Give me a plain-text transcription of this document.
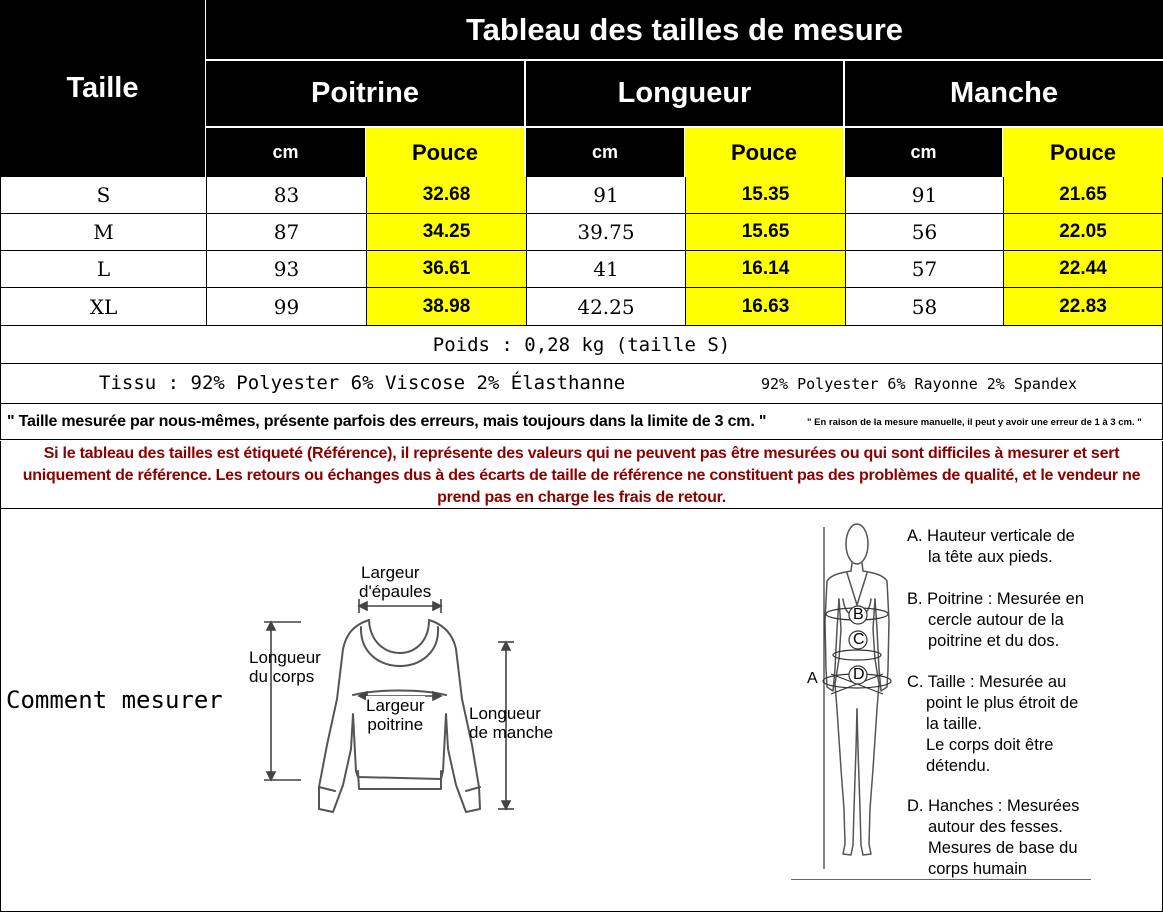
Taille
Tableau des tailles de mesure
Poitrine	Longueur	Manche
cm	Pouce	cm	Pouce	cm	Pouce
S	83	32.68	91	15.35	91	21.65
M	87	34.25	39.75	15.65	56	22.05
L	93	36.61	41	16.14	57	22.44
XL	99	38.98	42.25	16.63	58	22.83
Poids : 0,28 kg (taille S)
Tissu : 92% Polyester 6% Viscose 2% Élasthanne	92% Polyester 6% Rayonne 2% Spandex
" Taille mesurée par nous-mêmes, présente parfois des erreurs, mais toujours dans la limite de 3 cm. "	" En raison de la mesure manuelle, il peut y avoir une erreur de 1 à 3 cm. "
Si le tableau des tailles est étiqueté (Référence), il représente des valeurs qui ne peuvent pas être mesurées ou qui sont difficiles à mesurer et sert uniquement de référence. Les retours ou échanges dus à des écarts de taille de référence ne constituent pas des problèmes de qualité, et le vendeur ne prend pas en charge les frais de retour.
Comment mesurer
Largeur
d'épaules
Longueur
du corps
Largeur
poitrine
Longueur
de manche
A
B
C
D
A. Hauteur verticale de
la tête aux pieds.
B. Poitrine : Mesurée en
cercle autour de la
poitrine et du dos.
C. Taille : Mesurée au
point le plus étroit de
la taille.
Le corps doit être
détendu.
D. Hanches : Mesurées
autour des fesses.
Mesures de base du
corps humain
